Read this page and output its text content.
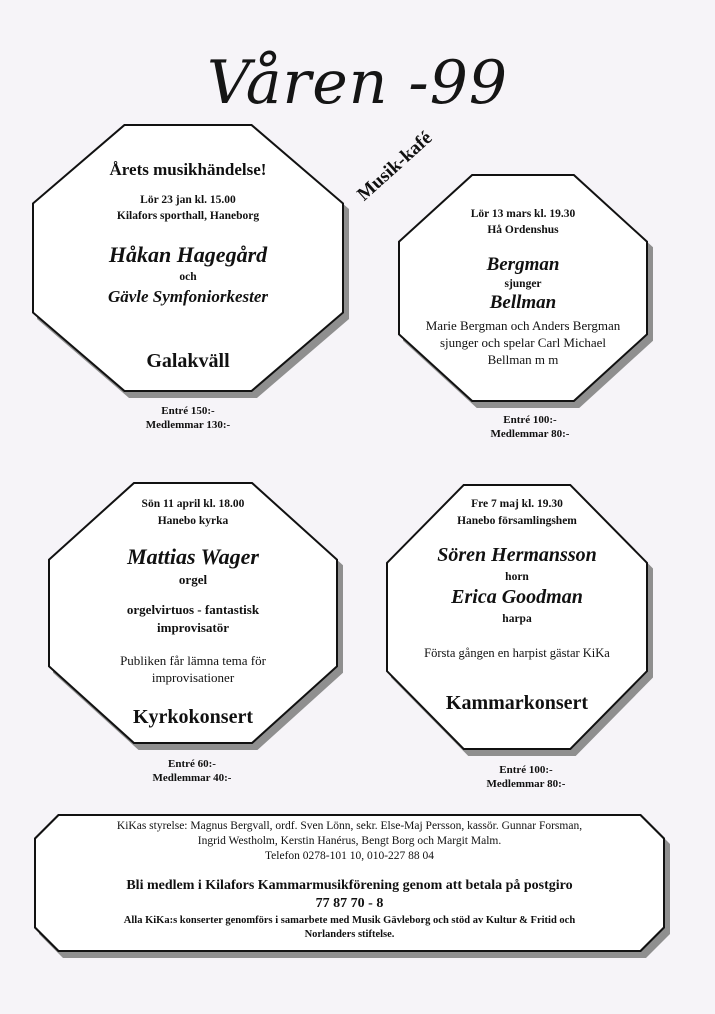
Våren -99
Årets musikhändelse!
Lör 23 jan kl. 15.00
Kilafors sporthall, Haneborg
Håkan Hagegård
och
Gävle Symfoniorkester
Galakväll
Entré 150:-
Medlemmar 130:-
Musik-kafé
Lör 13 mars kl. 19.30
Hå Ordenshus
Bergman
sjunger
Bellman
Marie Bergman och Anders Bergman
sjunger och spelar Carl Michael
Bellman m m
Entré 100:-
Medlemmar 80:-
Sön 11 april kl. 18.00
Hanebo kyrka
Mattias Wager
orgel
orgelvirtuos - fantastisk
improvisatör
Publiken får lämna tema för
improvisationer
Kyrkokonsert
Entré 60:-
Medlemmar 40:-
Fre 7 maj kl. 19.30
Hanebo församlingshem
Sören Hermansson
horn
Erica Goodman
harpa
Första gången en harpist gästar KiKa
Kammarkonsert
Entré 100:-
Medlemmar 80:-
KiKas styrelse: Magnus Bergvall, ordf. Sven Lönn, sekr. Else-Maj Persson, kassör. Gunnar Forsman,
Ingrid Westholm, Kerstin Hanérus, Bengt Borg och Margit Malm.
Telefon 0278-101 10, 010-227 88 04
Bli medlem i Kilafors Kammarmusikförening genom att betala på postgiro
77 87 70 - 8
Alla KiKa:s konserter genomförs i samarbete med Musik Gävleborg och stöd av Kultur & Fritid och
Norlanders stiftelse.
